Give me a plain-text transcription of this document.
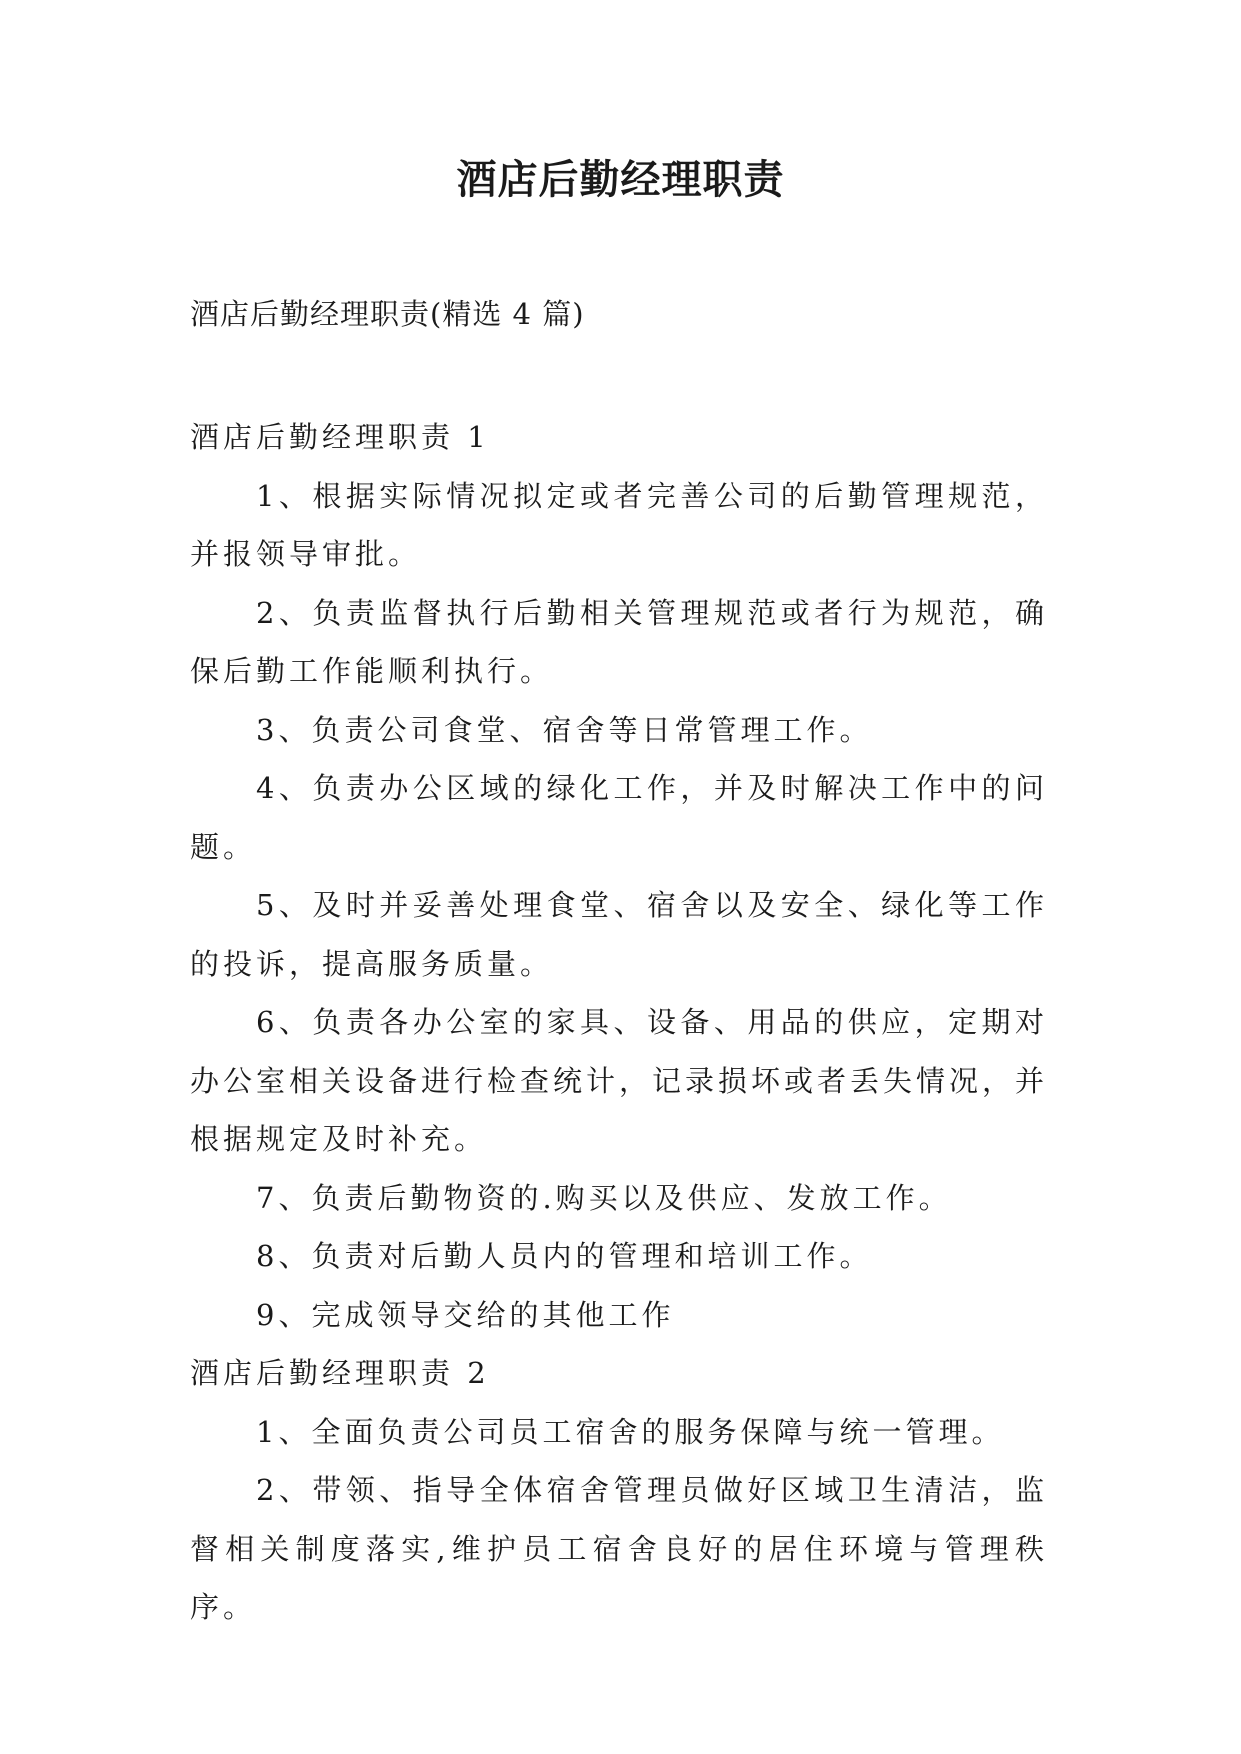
酒店后勤经理职责
酒店后勤经理职责(精选 4 篇)

酒店后勤经理职责 1

1、根据实际情况拟定或者完善公司的后勤管理规范，并报领导审批。

2、负责监督执行后勤相关管理规范或者行为规范，确保后勤工作能顺利执行。

3、负责公司食堂、宿舍等日常管理工作。

4、负责办公区域的绿化工作，并及时解决工作中的问题。

5、及时并妥善处理食堂、宿舍以及安全、绿化等工作的投诉，提高服务质量。

6、负责各办公室的家具、设备、用品的供应，定期对办公室相关设备进行检查统计，记录损坏或者丢失情况，并根据规定及时补充。

7、负责后勤物资的.购买以及供应、发放工作。

8、负责对后勤人员内的管理和培训工作。

9、完成领导交给的其他工作

酒店后勤经理职责 2

1、全面负责公司员工宿舍的服务保障与统一管理。

2、带领、指导全体宿舍管理员做好区域卫生清洁，监督相关制度落实,维护员工宿舍良好的居住环境与管理秩序。
